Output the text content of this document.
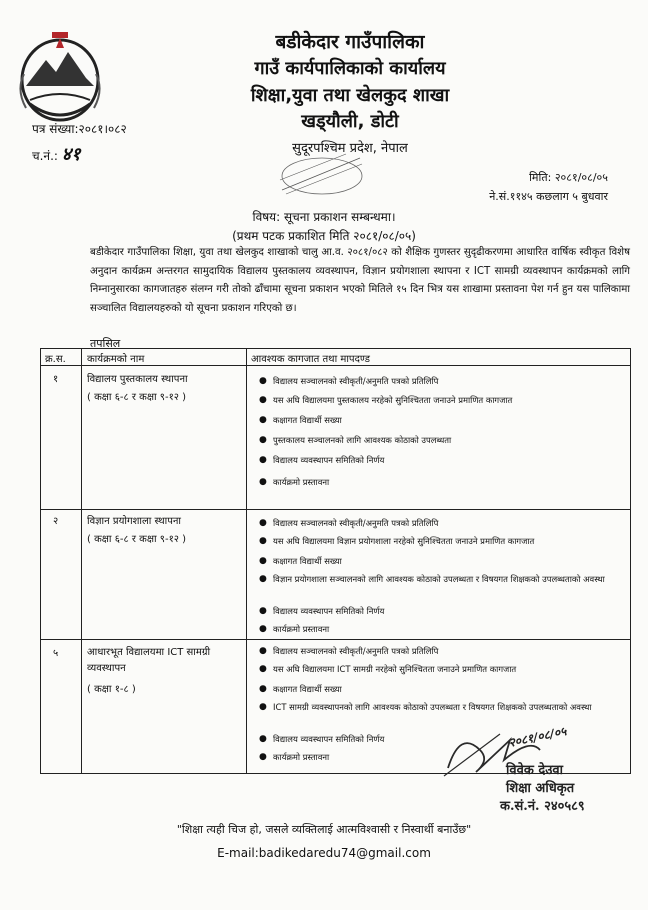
बडीकेदार गाउँपालिका
गाउँ कार्यपालिकाको कार्यालय
शिक्षा,युवा तथा खेलकुद शाखा
खड्‌यौली, डोटी
सुदूरपश्चिम प्रदेश, नेपाल
पत्र संख्या:२०८१।०८२
च.नं.: ४१
मिति: २०८१/०८/०५
ने.सं.११४५ कछलाग ५ बुधवार
विषय: सूचना प्रकाशन सम्बन्धमा।
(प्रथम पटक प्रकाशित मिति २०८१/०८/०५)
बडीकेदार गाउँपालिका शिक्षा, युवा तथा खेलकुद शाखाको चालु आ.व. २०८१/०८२ को शैक्षिक गुणस्तर सुदृढीकरणमा आधारित वार्षिक स्वीकृत विशेष अनुदान कार्यक्रम अन्तरगत सामुदायिक विद्यालय पुस्तकालय व्यवस्थापन, विज्ञान प्रयोगशाला स्थापना र ICT सामग्री व्यवस्थापन कार्यक्रमको लागि निम्नानुसारका कागजातहरु संलग्न गरी तोको ढाँचामा सूचना प्रकाशन भएको मितिले १५ दिन भित्र यस शाखामा प्रस्तावना पेश गर्न हुन यस पालिकामा सञ्चालित विद्यालयहरुको यो सूचना प्रकाशन गरिएको छ।
तपसिल
क्र.स. कार्यक्रमको नाम	आवश्यक कागजात तथा मापदण्ड
१	विद्यालय पुस्तकालय स्थापना
( कक्षा ६-८ र कक्षा ९-१२ )
● विद्यालय सञ्चालनको स्वीकृती/अनुमति पत्रको प्रतिलिपि
● यस अघि विद्यालयमा पुस्तकालय नरहेको सुनिश्चितता जनाउने प्रमाणित कागजात
● कक्षागत विद्यार्थी सख्या
● पुस्तकालय सञ्चालनको लागि आवश्यक कोठाको उपलब्धता
● विद्यालय व्यवस्थापन समितिको निर्णय
● कार्यक्रमो प्रस्तावना
२	विज्ञान प्रयोगशाला स्थापना
( कक्षा ६-८ र कक्षा ९-१२ )
● विद्यालय सञ्चालनको स्वीकृती/अनुमति पत्रको प्रतिलिपि
● यस अघि विद्यालयमा विज्ञान प्रयोगशाला नरहेको सुनिश्चितता जनाउने प्रमाणित कागजात
● कक्षागत विद्यार्थी सख्या
● विज्ञान प्रयोगशाला सञ्चालनको लागि आवश्यक कोठाको उपलब्धता र विषयगत शिक्षकको उपलब्धताको अवस्था
● विद्यालय व्यवस्थापन समितिको निर्णय
● कार्यक्रमो प्रस्तावना
५	आधारभूत विद्यालयमा ICT सामग्री व्यवस्थापन
( कक्षा १-८ )
● विद्यालय सञ्चालनको स्वीकृती/अनुमति पत्रको प्रतिलिपि
● यस अघि विद्यालयमा ICT सामग्री नरहेको सुनिश्चितता जनाउने प्रमाणित कागजात
● कक्षागत विद्यार्थी सख्या
● ICT सामग्री व्यवस्थापनको लागि आवश्यक कोठाको उपलब्धता र विषयगत शिक्षकको उपलब्धताको अवस्था
● विद्यालय व्यवस्थापन समितिको निर्णय
● कार्यक्रमो प्रस्तावना
२०८१/०८/०५
विवेक देउवा
शिक्षा अधिकृत
क.सं.नं. २४०५८९
"शिक्षा त्यही चिज हो, जसले व्यक्तिलाई आत्मविश्वासी र निस्वार्थी बनाउँछ"
E-mail:badikedaredu74@gmail.com
